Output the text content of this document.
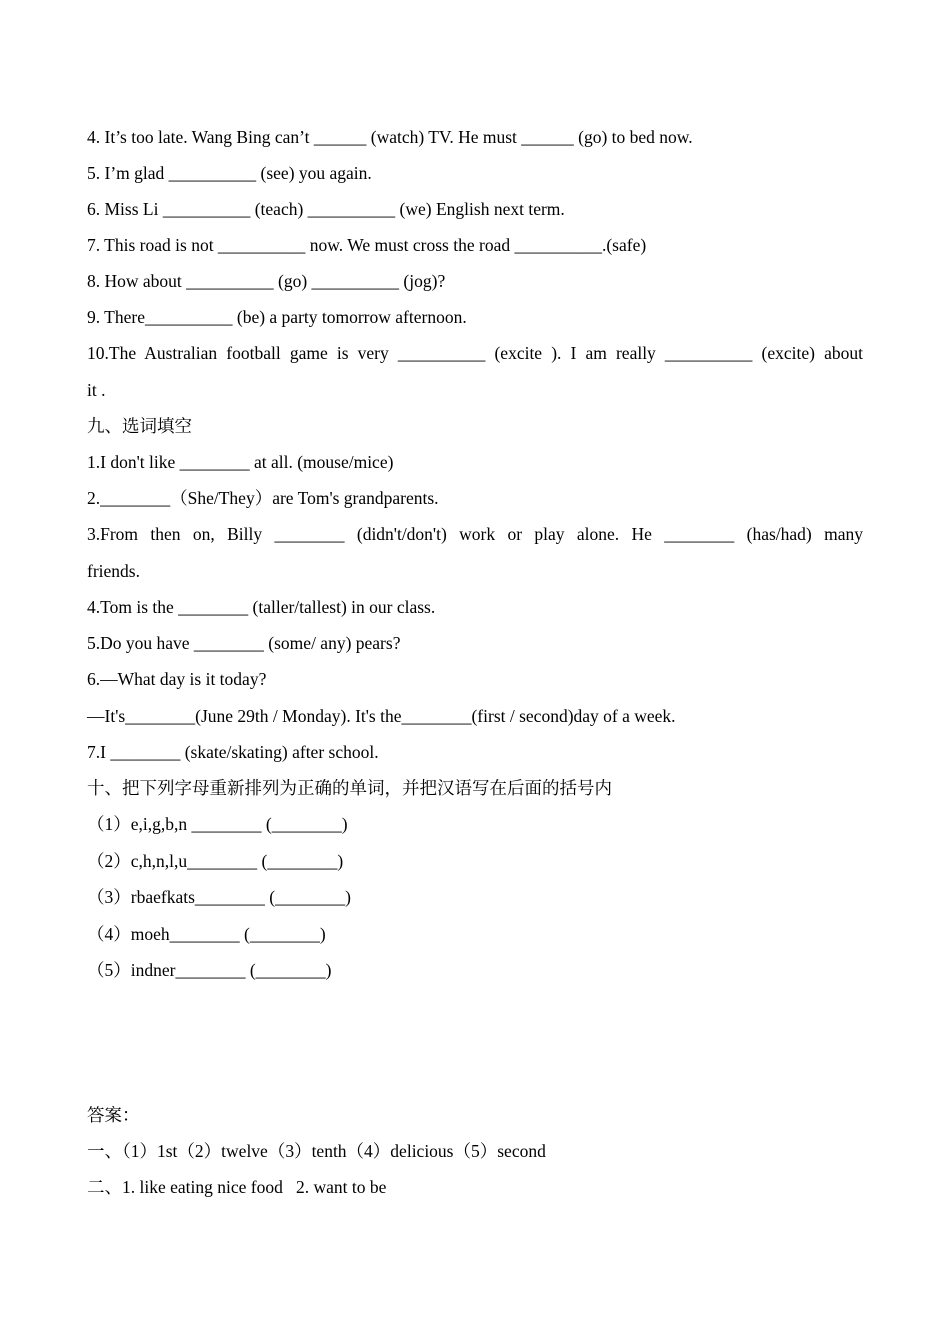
4. It’s too late. Wang Bing can’t ______ (watch) TV. He must ______ (go) to bed now.
5. I’m glad __________ (see) you again.
6. Miss Li __________ (teach) __________ (we) English next term.
7. This road is not __________ now. We must cross the road __________.(safe)
8. How about __________ (go) __________ (jog)?
9. There__________ (be) a party tomorrow afternoon.
10.The Australian football game is very __________ (excite ). I am really __________ (excite) about
it .
九、选词填空
1.I don't like ________ at all. (mouse/mice)
2.________（She/They）are Tom's grandparents.
3.From then on, Billy ________ (didn't/don't) work or play alone. He ________ (has/had) many
friends.
4.Tom is the ________ (taller/tallest) in our class.
5.Do you have ________ (some/ any) pears?
6.—What day is it today?
—It's________(June 29th / Monday). It's the________(first / second)day of a week.
7.I ________ (skate/skating) after school.
十、把下列字母重新排列为正确的单词，并把汉语写在后面的括号内
（1）e,i,g,b,n ________ (________)
（2）c,h,n,l,u________ (________)
（3）rbaefkats________ (________)
（4）moeh________ (________)
（5）indner________ (________)
答案：
一、（1）1st（2）twelve（3）tenth（4）delicious（5）second
二、1. like eating nice food   2. want to be
